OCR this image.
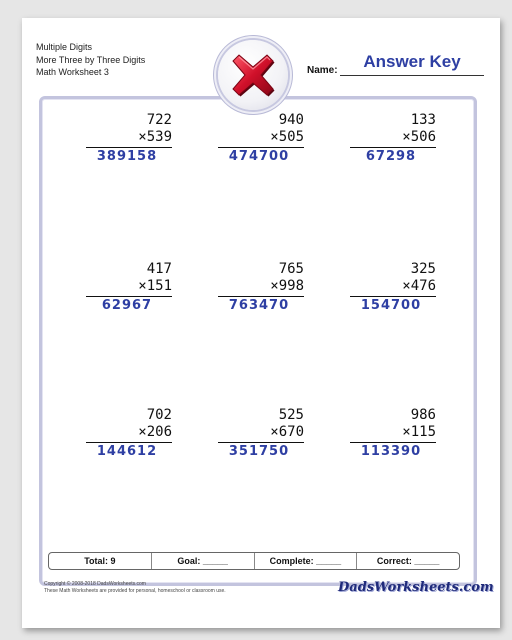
Multiple Digits
More Three by Three Digits
Math Worksheet 3	Name:	Answer Key
722
×539
389158
940
×505
474700
133
×506
67298
417
×151
62967
765
×998
763470
325
×476
154700
702
×206
144612
525
×670
351750
986
×115
113390
Total: 9	Goal: _____	Complete: _____	Correct: _____
Copyright © 2008-2018 DadsWorksheets.com
These Math Worksheets are provided for personal, homeschool or classroom use.	DadsWorksheets.com
